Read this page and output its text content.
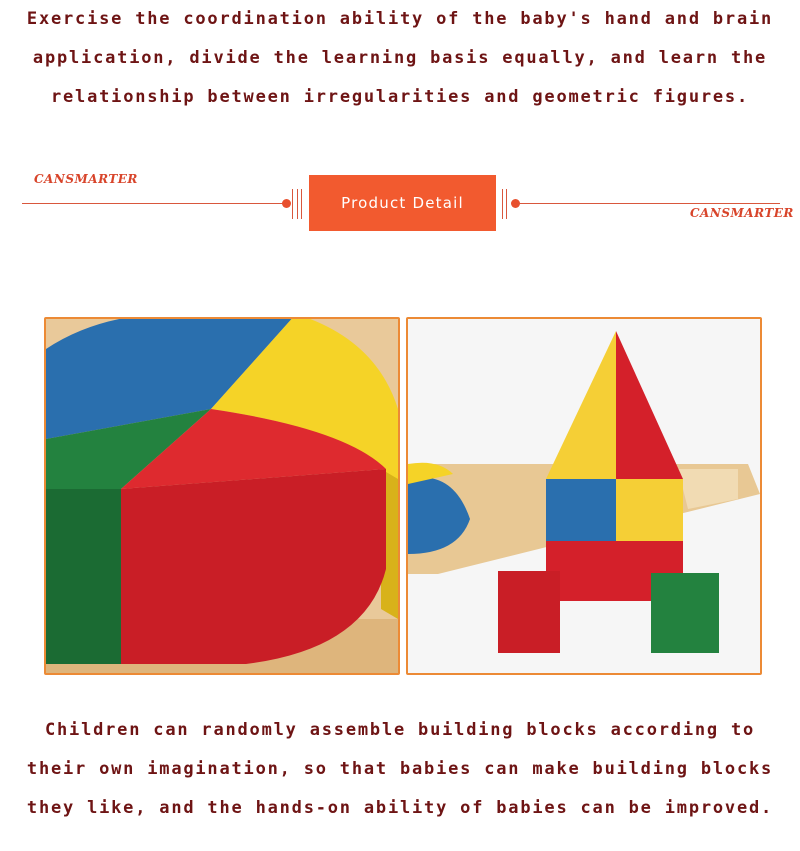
Exercise the coordination ability of the baby's hand and brain
application, divide the learning basis equally, and learn the
relationship between irregularities and geometric figures.

CANSMARTER
Product Detail
CANSMARTER

Children can randomly assemble building blocks according to
their own imagination, so that babies can make building blocks
they like, and the hands-on ability of babies can be improved.
